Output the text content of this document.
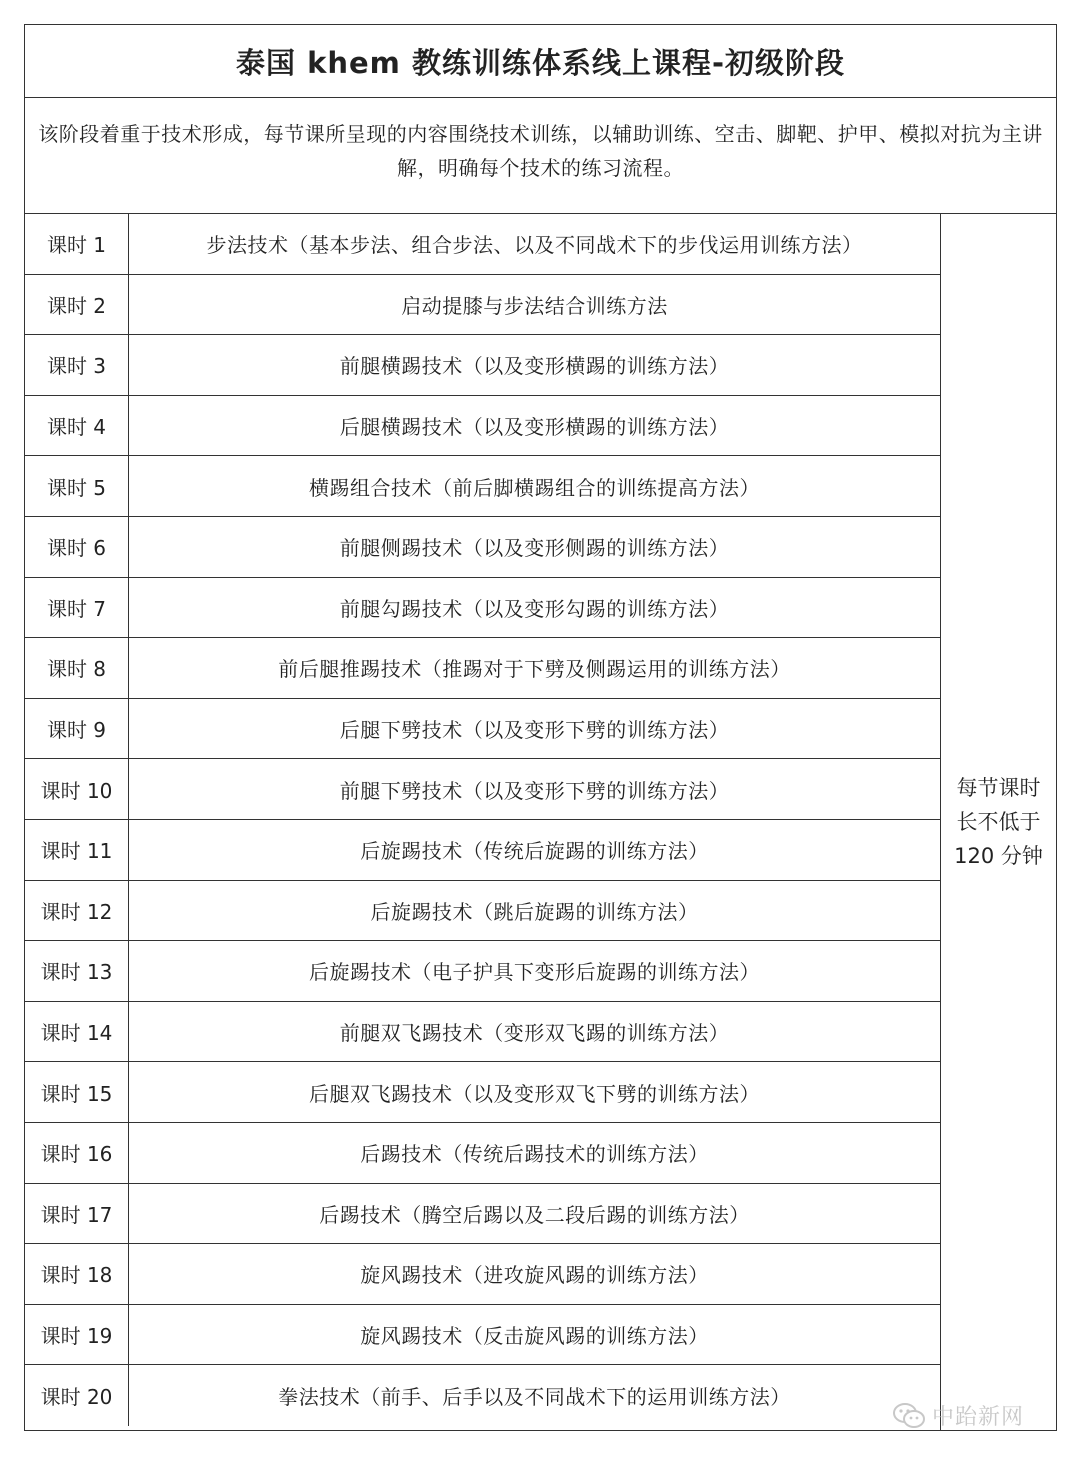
泰国 khem 教练训练体系线上课程-初级阶段
该阶段着重于技术形成，每节课所呈现的内容围绕技术训练，以辅助训练、空击、脚靶、护甲、模拟对抗为主讲解，明确每个技术的练习流程。
课时 1	步法技术（基本步法、组合步法、以及不同战术下的步伐运用训练方法）
课时 2	启动提膝与步法结合训练方法
课时 3	前腿横踢技术（以及变形横踢的训练方法）
课时 4	后腿横踢技术（以及变形横踢的训练方法）
课时 5	横踢组合技术（前后脚横踢组合的训练提高方法）
课时 6	前腿侧踢技术（以及变形侧踢的训练方法）
课时 7	前腿勾踢技术（以及变形勾踢的训练方法）
课时 8	前后腿推踢技术（推踢对于下劈及侧踢运用的训练方法）
课时 9	后腿下劈技术（以及变形下劈的训练方法）
课时 10	前腿下劈技术（以及变形下劈的训练方法）
课时 11	后旋踢技术（传统后旋踢的训练方法）
课时 12	后旋踢技术（跳后旋踢的训练方法）
课时 13	后旋踢技术（电子护具下变形后旋踢的训练方法）
课时 14	前腿双飞踢技术（变形双飞踢的训练方法）
课时 15	后腿双飞踢技术（以及变形双飞下劈的训练方法）
课时 16	后踢技术（传统后踢技术的训练方法）
课时 17	后踢技术（腾空后踢以及二段后踢的训练方法）
课时 18	旋风踢技术（进攻旋风踢的训练方法）
课时 19	旋风踢技术（反击旋风踢的训练方法）
课时 20	拳法技术（前手、后手以及不同战术下的运用训练方法）
每节课时长不低于 120 分钟
中跆新网
